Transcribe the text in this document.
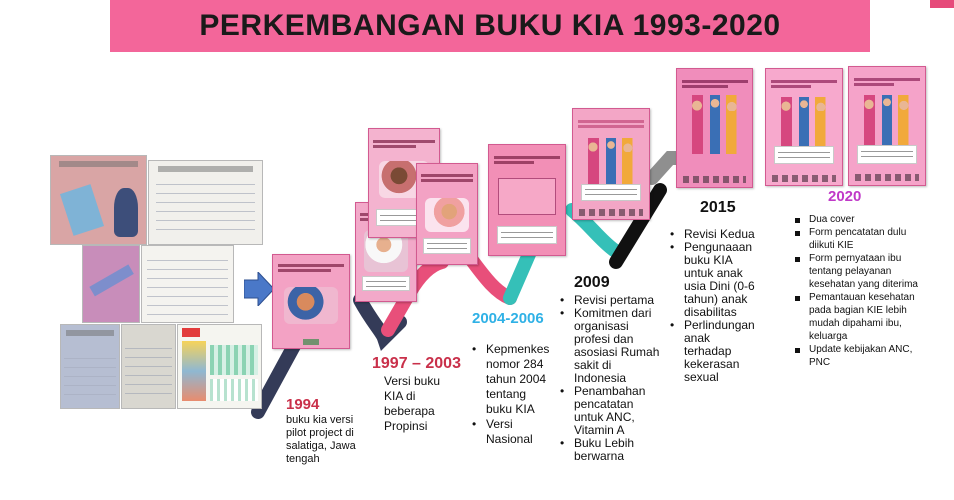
PERKEMBANGAN BUKU KIA 1993-2020
1994
buku kia versi pilot project di salatiga, Jawa tengah
1997 – 2003
Versi buku KIA di beberapa Propinsi
2004-2006
• Kepmenkes nomor 284 tahun 2004 tentang buku KIA
• Versi Nasional
2009
• Revisi pertama
• Komitmen dari organisasi profesi dan asosiasi Rumah sakit di Indonesia
• Penambahan pencatatan untuk ANC, Vitamin A
• Buku Lebih berwarna
2015
• Revisi Kedua
• Pengunaaan buku KIA untuk anak usia Dini (0-6 tahun) anak disabilitas
• Perlindungan anak terhadap kekerasan sexual
2020
Dua cover
Form pencatatan dulu diikuti KIE
Form pernyataan ibu tentang pelayanan kesehatan yang diterima
Pemantauan kesehatan pada bagian KIE lebih mudah dipahami ibu, keluarga
Update kebijakan ANC, PNC
